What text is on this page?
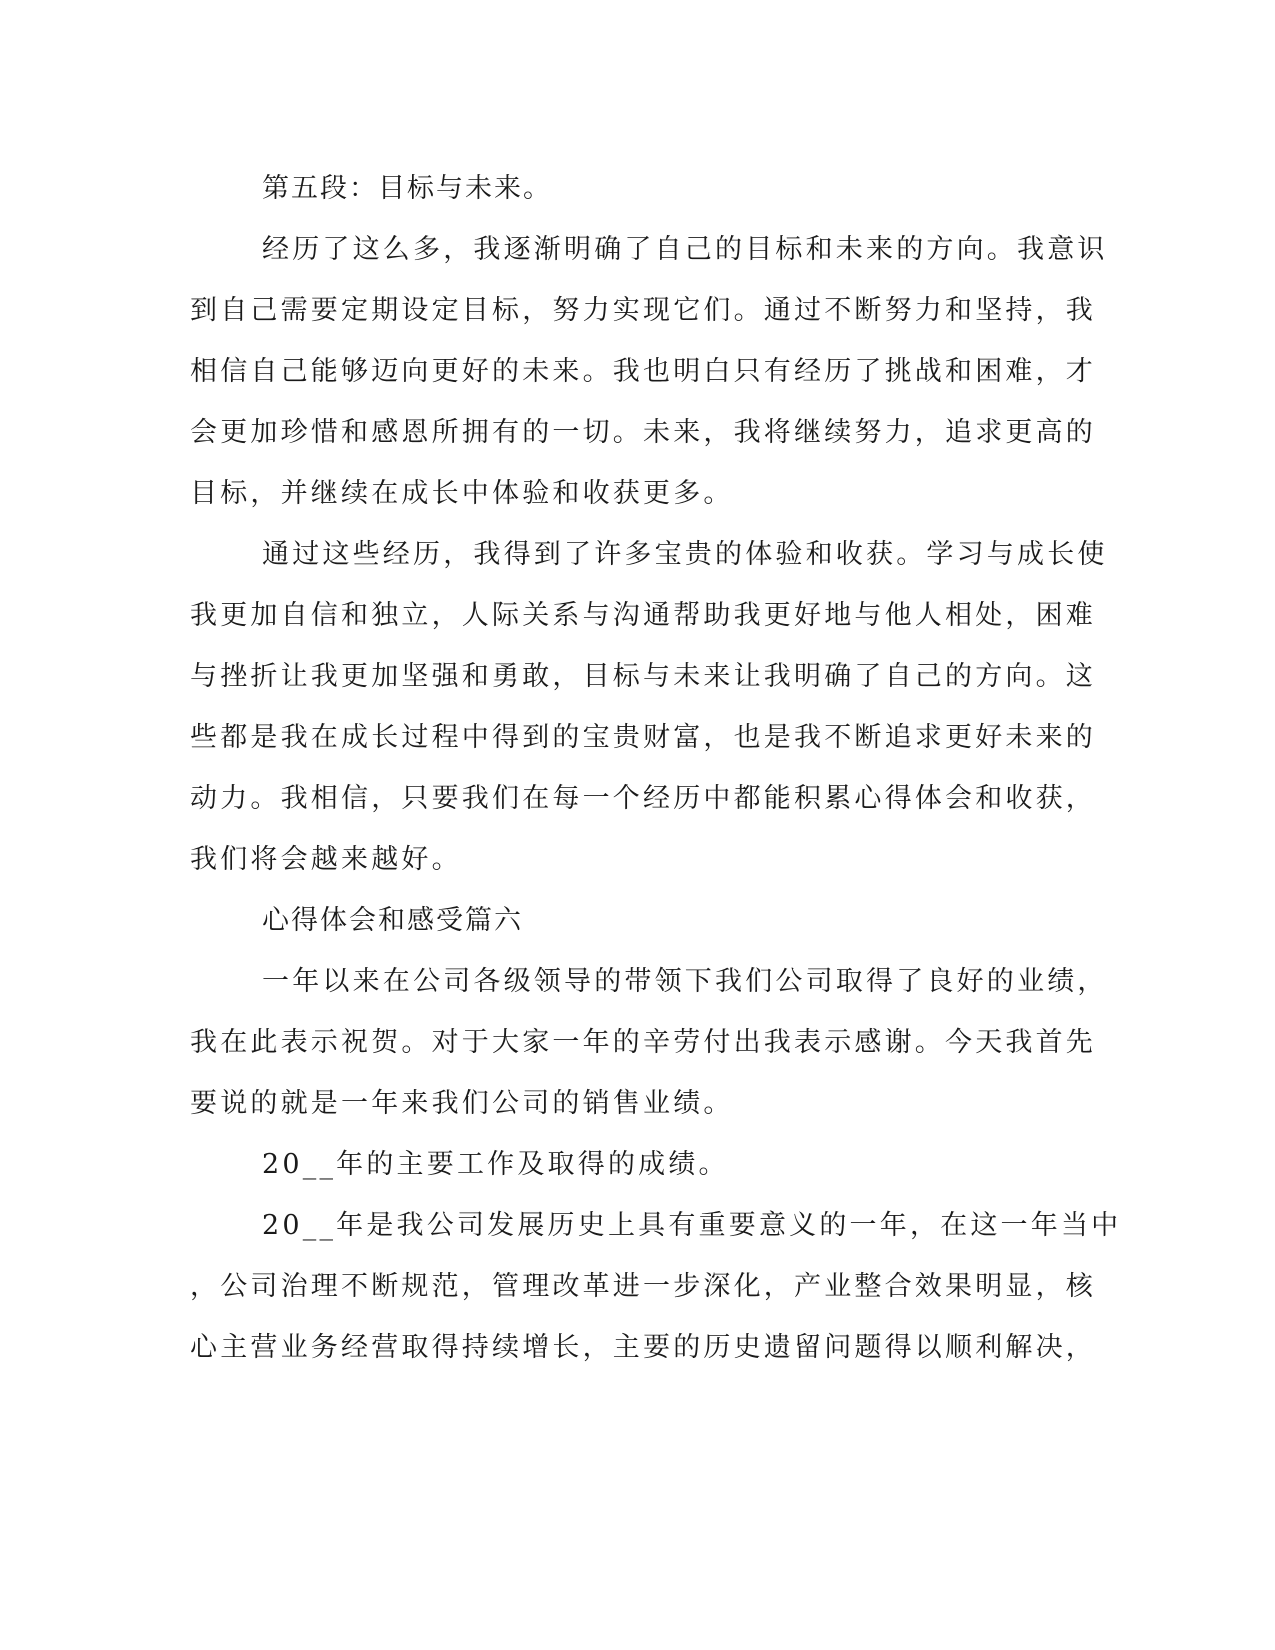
第五段：目标与未来。
经历了这么多，我逐渐明确了自己的目标和未来的方向。我意识
到自己需要定期设定目标，努力实现它们。通过不断努力和坚持，我
相信自己能够迈向更好的未来。我也明白只有经历了挑战和困难，才
会更加珍惜和感恩所拥有的一切。未来，我将继续努力，追求更高的
目标，并继续在成长中体验和收获更多。
通过这些经历，我得到了许多宝贵的体验和收获。学习与成长使
我更加自信和独立，人际关系与沟通帮助我更好地与他人相处，困难
与挫折让我更加坚强和勇敢，目标与未来让我明确了自己的方向。这
些都是我在成长过程中得到的宝贵财富，也是我不断追求更好未来的
动力。我相信，只要我们在每一个经历中都能积累心得体会和收获，
我们将会越来越好。
心得体会和感受篇六
一年以来在公司各级领导的带领下我们公司取得了良好的业绩，
我在此表示祝贺。对于大家一年的辛劳付出我表示感谢。今天我首先
要说的就是一年来我们公司的销售业绩。
20__年的主要工作及取得的成绩。
20__年是我公司发展历史上具有重要意义的一年，在这一年当中
，公司治理不断规范，管理改革进一步深化，产业整合效果明显，核
心主营业务经营取得持续增长，主要的历史遗留问题得以顺利解决，
